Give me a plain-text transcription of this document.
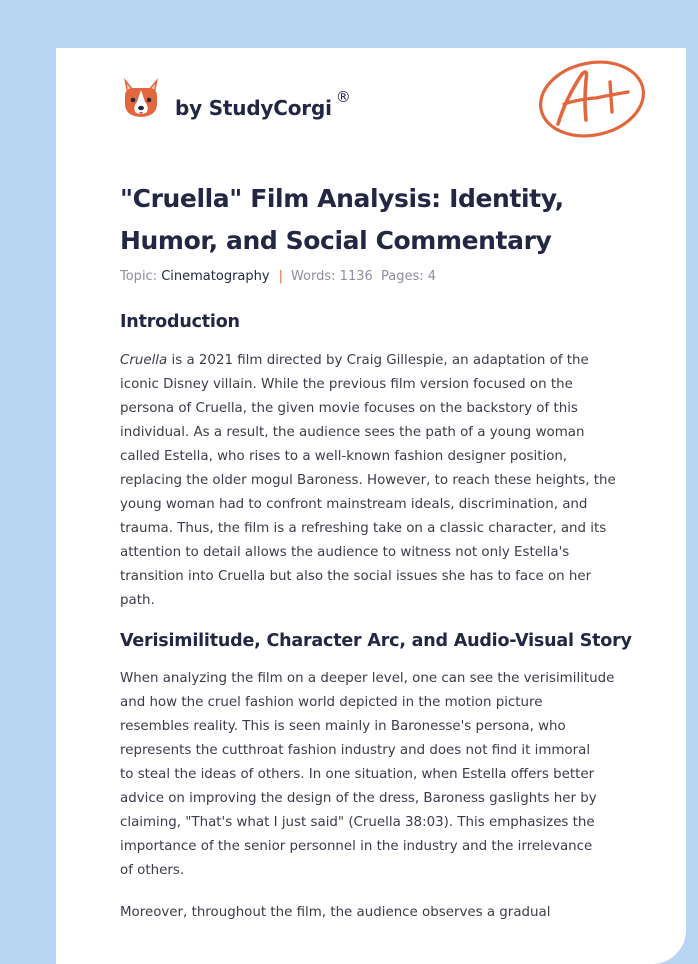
by StudyCorgi ®
"Cruella" Film Analysis: Identity,
Humor, and Social Commentary
Topic: Cinematography | Words: 1136 Pages: 4
Introduction
Cruella is a 2021 film directed by Craig Gillespie, an adaptation of the
iconic Disney villain. While the previous film version focused on the
persona of Cruella, the given movie focuses on the backstory of this
individual. As a result, the audience sees the path of a young woman
called Estella, who rises to a well-known fashion designer position,
replacing the older mogul Baroness. However, to reach these heights, the
young woman had to confront mainstream ideals, discrimination, and
trauma. Thus, the film is a refreshing take on a classic character, and its
attention to detail allows the audience to witness not only Estella's
transition into Cruella but also the social issues she has to face on her
path.
Verisimilitude, Character Arc, and Audio-Visual Story
When analyzing the film on a deeper level, one can see the verisimilitude
and how the cruel fashion world depicted in the motion picture
resembles reality. This is seen mainly in Baronesse's persona, who
represents the cutthroat fashion industry and does not find it immoral
to steal the ideas of others. In one situation, when Estella offers better
advice on improving the design of the dress, Baroness gaslights her by
claiming, "That's what I just said" (Cruella 38:03). This emphasizes the
importance of the senior personnel in the industry and the irrelevance
of others.
Moreover, throughout the film, the audience observes a gradual
